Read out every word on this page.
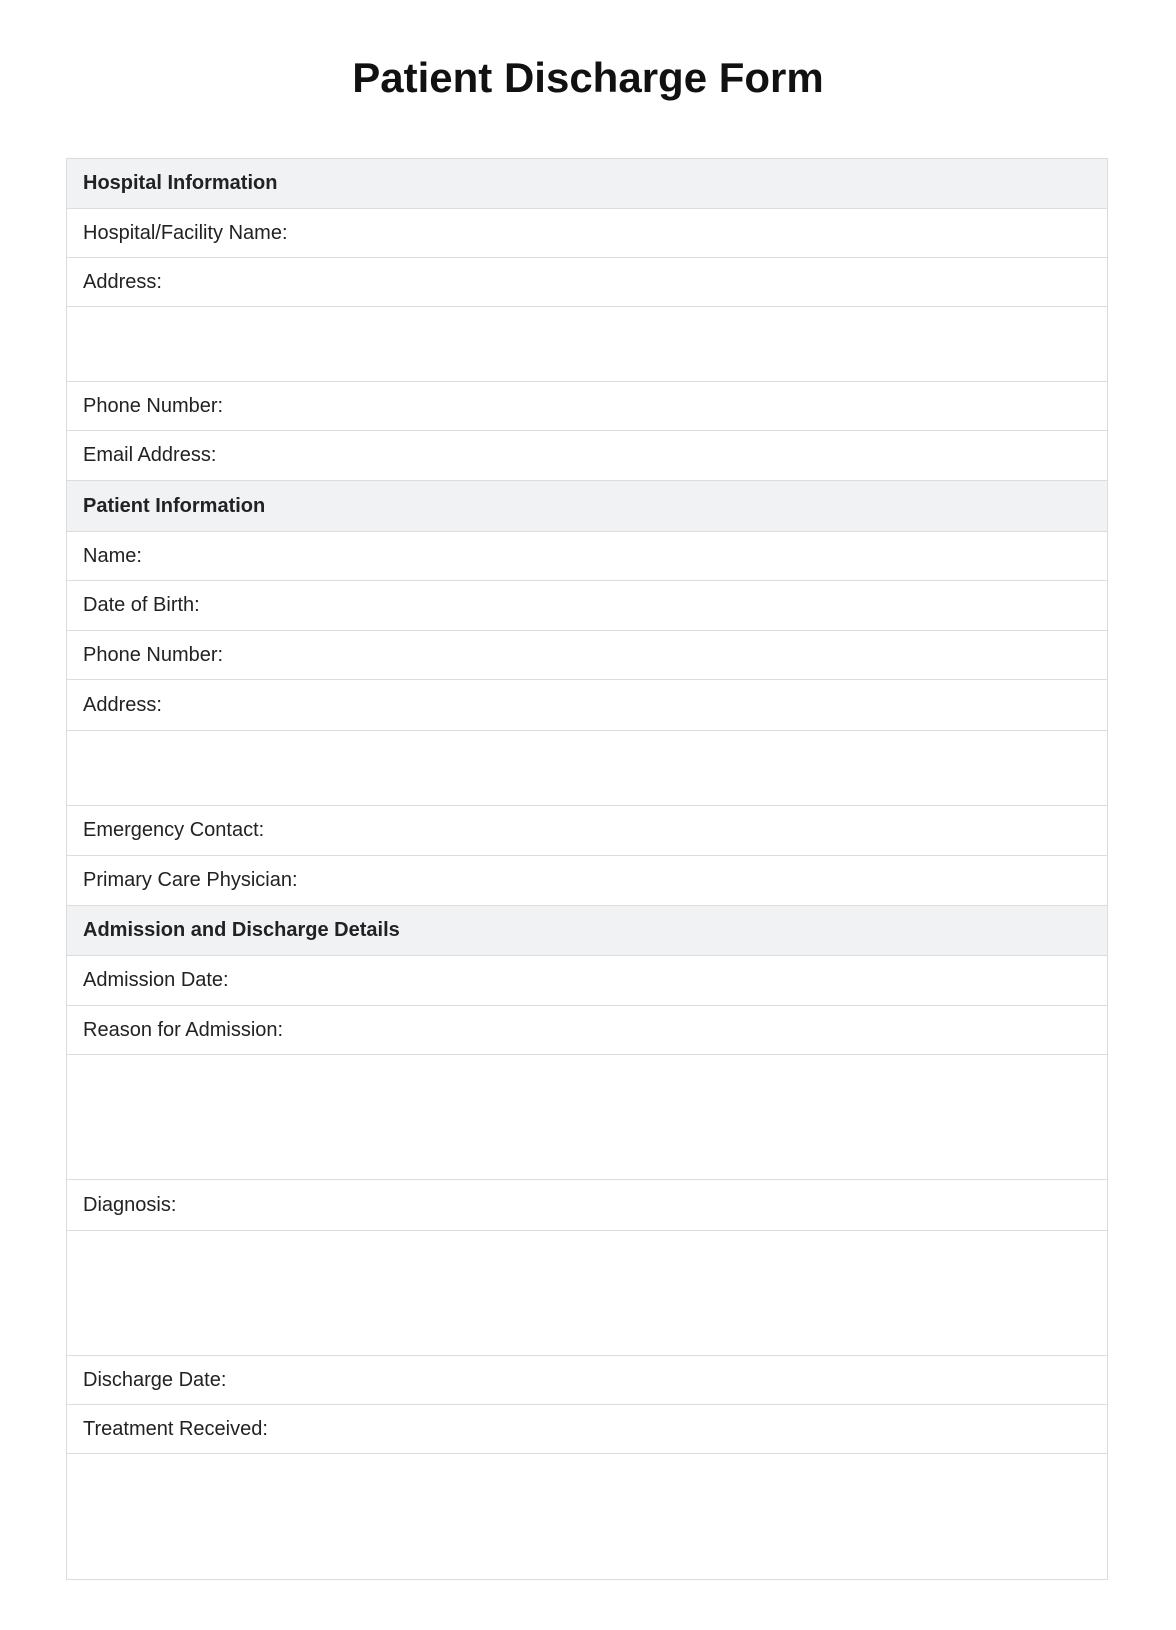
Patient Discharge Form
Hospital Information
Hospital/Facility Name:
Address:
Phone Number:
Email Address:
Patient Information
Name:
Date of Birth:
Phone Number:
Address:
Emergency Contact:
Primary Care Physician:
Admission and Discharge Details
Admission Date:
Reason for Admission:
Diagnosis:
Discharge Date:
Treatment Received:
